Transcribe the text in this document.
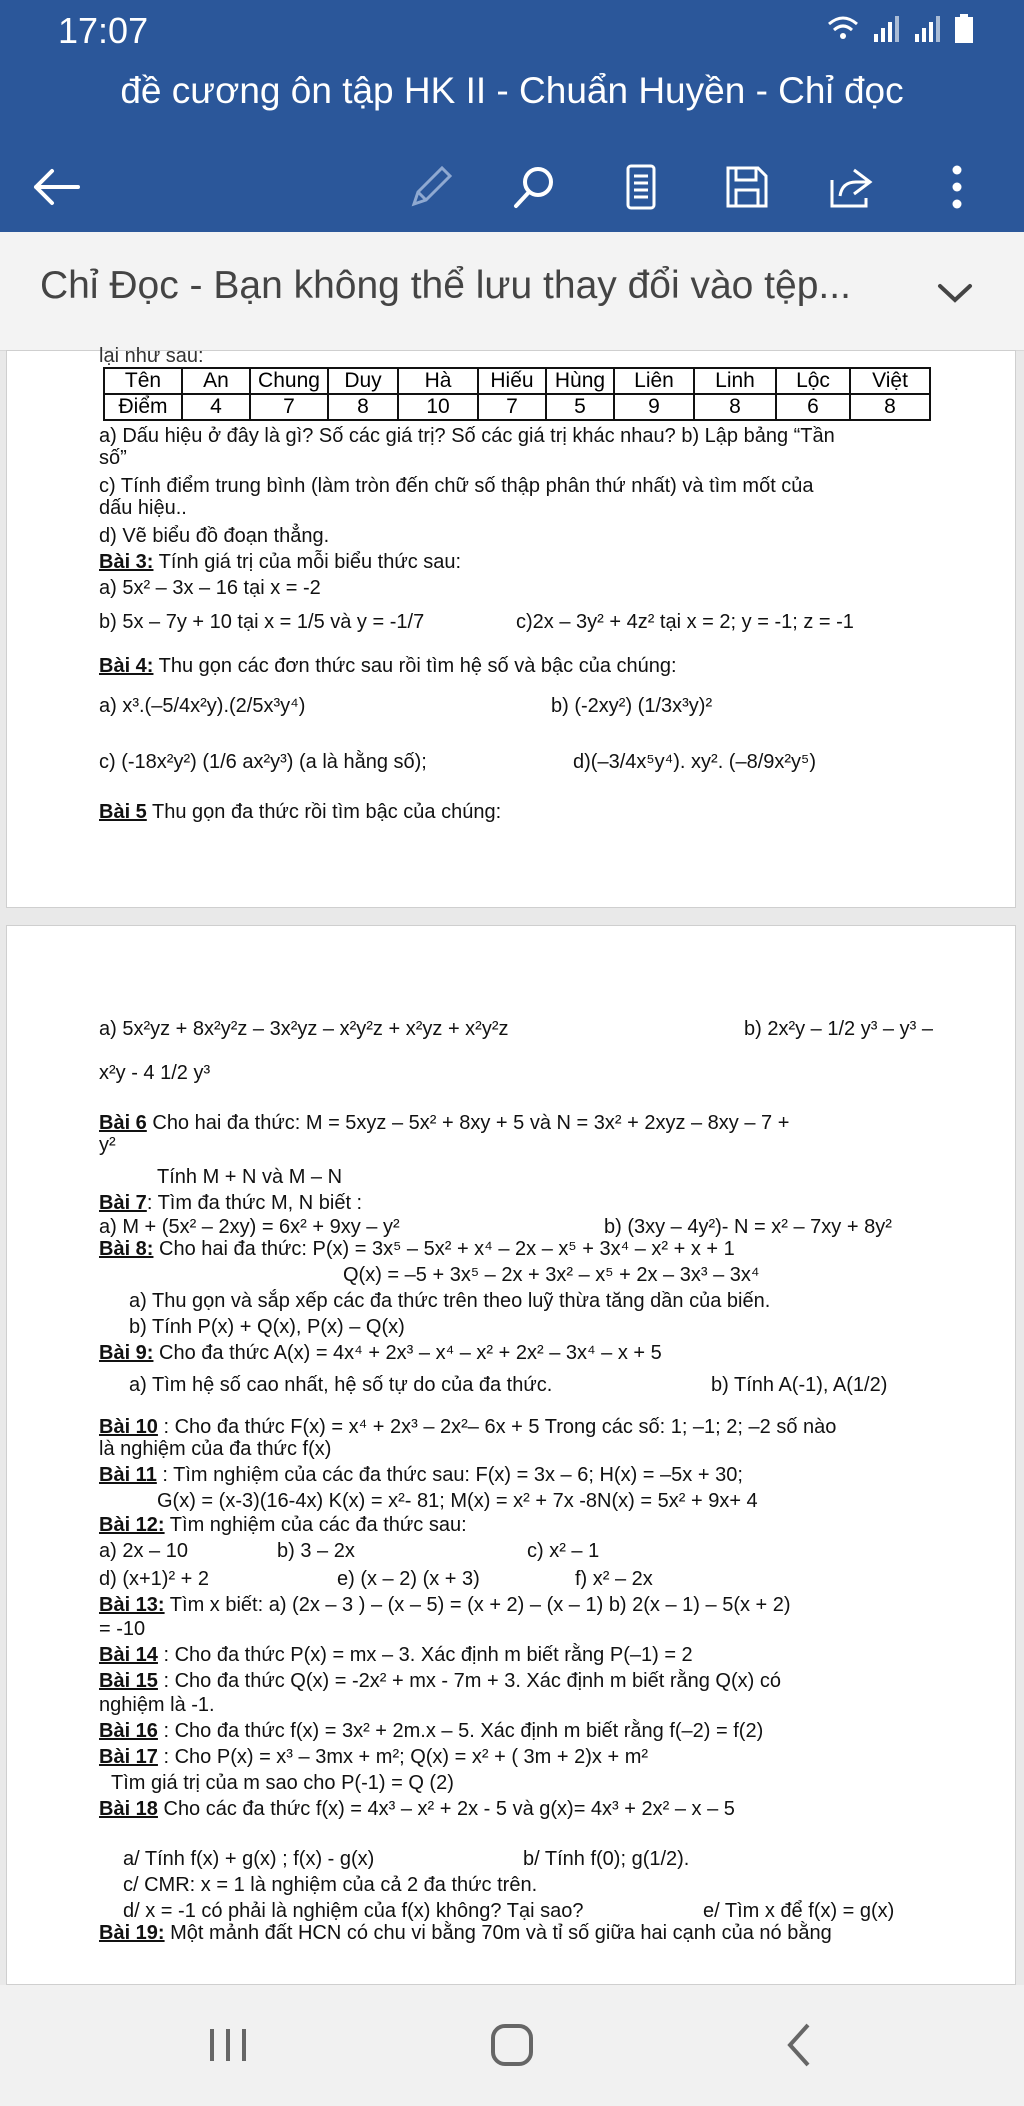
17:07

đề cương ôn tập HK II - Chuẩn Huyền - Chỉ đọc
Chỉ Đọc - Bạn không thể lưu thay đổi vào tệp...
lại như sau:
Tên	An	Chung	Duy	Hà	Hiếu	Hùng	Liên	Linh	Lộc	Việt
Điểm	4	7	8	10	7	5	9	8	6	8
a) Dấu hiệu ở đây là gì? Số các giá trị? Số các giá trị khác nhau? b) Lập bảng “Tần
số”
c) Tính điểm trung bình (làm tròn đến chữ số thập phân thứ nhất) và tìm mốt của
dấu hiệu..
d) Vẽ biểu đồ đoạn thẳng.
Bài 3: Tính giá trị của mỗi biểu thức sau:
a) 5x² – 3x – 16 tại x = -2
b) 5x – 7y + 10 tại x = 1/5 và y = -1/7	c)2x – 3y² + 4z² tại x = 2; y = -1; z = -1
Bài 4: Thu gọn các đơn thức sau rồi tìm hệ số và bậc của chúng:
a) x³.(–5/4x²y).(2/5x³y⁴)	b) (-2xy²) (1/3x³y)²
c) (-18x²y²) (1/6 ax²y³) (a là hằng số);	d)(–3/4x⁵y⁴). xy². (–8/9x²y⁵)
Bài 5 Thu gọn đa thức rồi tìm bậc của chúng:
a) 5x²yz + 8x²y²z – 3x²yz – x²y²z + x²yz + x²y²z	b) 2x²y – 1/2 y³ – y³ –
x²y - 4 1/2 y³
Bài 6 Cho hai đa thức: M = 5xyz – 5x² + 8xy + 5 và N = 3x² + 2xyz – 8xy – 7 +
y²
Tính M + N và M – N
Bài 7: Tìm đa thức M, N biết :
a) M + (5x² – 2xy) = 6x² + 9xy – y²	b) (3xy – 4y²)- N = x² – 7xy + 8y²
Bài 8: Cho hai đa thức: P(x) = 3x⁵ – 5x² + x⁴ – 2x – x⁵ + 3x⁴ – x² + x + 1
Q(x) = –5 + 3x⁵ – 2x + 3x² – x⁵ + 2x – 3x³ – 3x⁴
a) Thu gọn và sắp xếp các đa thức trên theo luỹ thừa tăng dần của biến.
b) Tính P(x) + Q(x), P(x) – Q(x)
Bài 9: Cho đa thức A(x) = 4x⁴ + 2x³ – x⁴ – x² + 2x² – 3x⁴ – x + 5
a) Tìm hệ số cao nhất, hệ số tự do của đa thức.	b) Tính A(-1), A(1/2)
Bài 10 : Cho đa thức F(x) = x⁴ + 2x³ – 2x²– 6x + 5 Trong các số: 1; –1; 2; –2 số nào
là nghiệm của đa thức f(x)
Bài 11 : Tìm nghiệm của các đa thức sau: F(x) = 3x – 6; H(x) = –5x + 30;
G(x) = (x-3)(16-4x) K(x) = x²- 81; M(x) = x² + 7x -8N(x) = 5x² + 9x+ 4
Bài 12: Tìm nghiệm của các đa thức sau:
a) 2x – 10	b) 3 – 2x	c) x² – 1
d) (x+1)² + 2	e) (x – 2) (x + 3)	f) x² – 2x
Bài 13: Tìm x biết: a) (2x – 3 ) – (x – 5) = (x + 2) – (x – 1) b) 2(x – 1) – 5(x + 2)
= -10
Bài 14 : Cho đa thức P(x) = mx – 3. Xác định m biết rằng P(–1) = 2
Bài 15 : Cho đa thức Q(x) = -2x² + mx - 7m + 3. Xác định m biết rằng Q(x) có
nghiệm là -1.
Bài 16 : Cho đa thức f(x) = 3x² + 2m.x – 5. Xác định m biết rằng f(–2) = f(2)
Bài 17 : Cho P(x) = x³ – 3mx + m²; Q(x) = x² + ( 3m + 2)x + m²
Tìm giá trị của m sao cho P(-1) = Q (2)
Bài 18 Cho các đa thức f(x) = 4x³ – x² + 2x - 5 và g(x)= 4x³ + 2x² – x – 5
a/ Tính f(x) + g(x) ; f(x) - g(x)	b/ Tính f(0); g(1/2).
c/ CMR: x = 1 là nghiệm của cả 2 đa thức trên.
d/ x = -1 có phải là nghiệm của f(x) không? Tại sao?	e/ Tìm x để f(x) = g(x)
Bài 19: Một mảnh đất HCN có chu vi bằng 70m và tỉ số giữa hai cạnh của nó bằng
